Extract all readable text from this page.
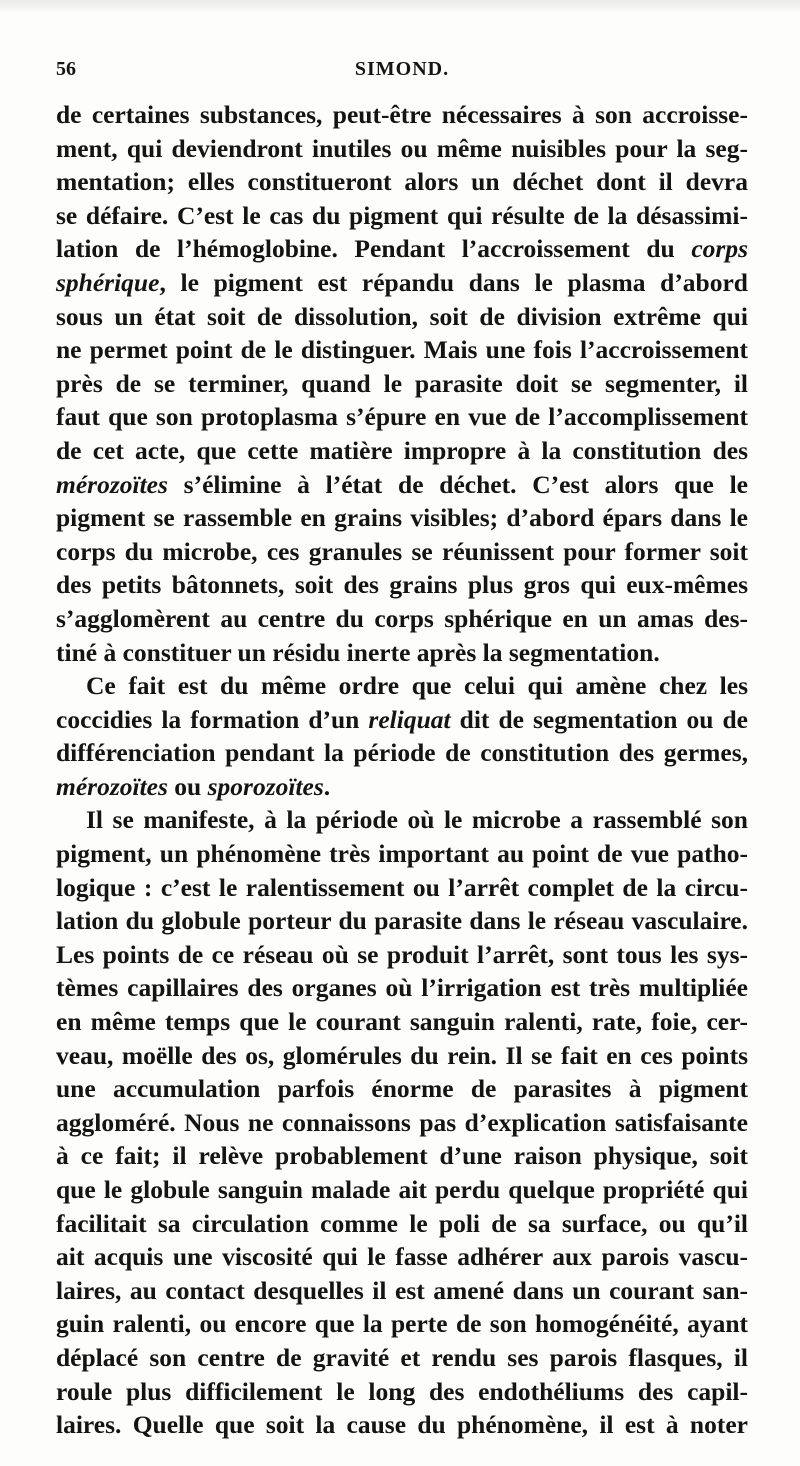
56	SIMOND.
de certaines substances, peut-être nécessaires à son accroisse-
ment, qui deviendront inutiles ou même nuisibles pour la seg-
mentation; elles constitueront alors un déchet dont il devra
se défaire. C’est le cas du pigment qui résulte de la désassimi-
lation de l’hémoglobine. Pendant l’accroissement du corps
sphérique, le pigment est répandu dans le plasma d’abord
sous un état soit de dissolution, soit de division extrême qui
ne permet point de le distinguer. Mais une fois l’accroissement
près de se terminer, quand le parasite doit se segmenter, il
faut que son protoplasma s’épure en vue de l’accomplissement
de cet acte, que cette matière impropre à la constitution des
mérozoïtes s’élimine à l’état de déchet. C’est alors que le
pigment se rassemble en grains visibles; d’abord épars dans le
corps du microbe, ces granules se réunissent pour former soit
des petits bâtonnets, soit des grains plus gros qui eux-mêmes
s’agglomèrent au centre du corps sphérique en un amas des-
tiné à constituer un résidu inerte après la segmentation.
Ce fait est du même ordre que celui qui amène chez les
coccidies la formation d’un reliquat dit de segmentation ou de
différenciation pendant la période de constitution des germes,
mérozoïtes ou sporozoïtes.
Il se manifeste, à la période où le microbe a rassemblé son
pigment, un phénomène très important au point de vue patho-
logique : c’est le ralentissement ou l’arrêt complet de la circu-
lation du globule porteur du parasite dans le réseau vasculaire.
Les points de ce réseau où se produit l’arrêt, sont tous les sys-
tèmes capillaires des organes où l’irrigation est très multipliée
en même temps que le courant sanguin ralenti, rate, foie, cer-
veau, moëlle des os, glomérules du rein. Il se fait en ces points
une accumulation parfois énorme de parasites à pigment
aggloméré. Nous ne connaissons pas d’explication satisfaisante
à ce fait; il relève probablement d’une raison physique, soit
que le globule sanguin malade ait perdu quelque propriété qui
facilitait sa circulation comme le poli de sa surface, ou qu’il
ait acquis une viscosité qui le fasse adhérer aux parois vascu-
laires, au contact desquelles il est amené dans un courant san-
guin ralenti, ou encore que la perte de son homogénéité, ayant
déplacé son centre de gravité et rendu ses parois flasques, il
roule plus difficilement le long des endothéliums des capil-
laires. Quelle que soit la cause du phénomène, il est à noter
